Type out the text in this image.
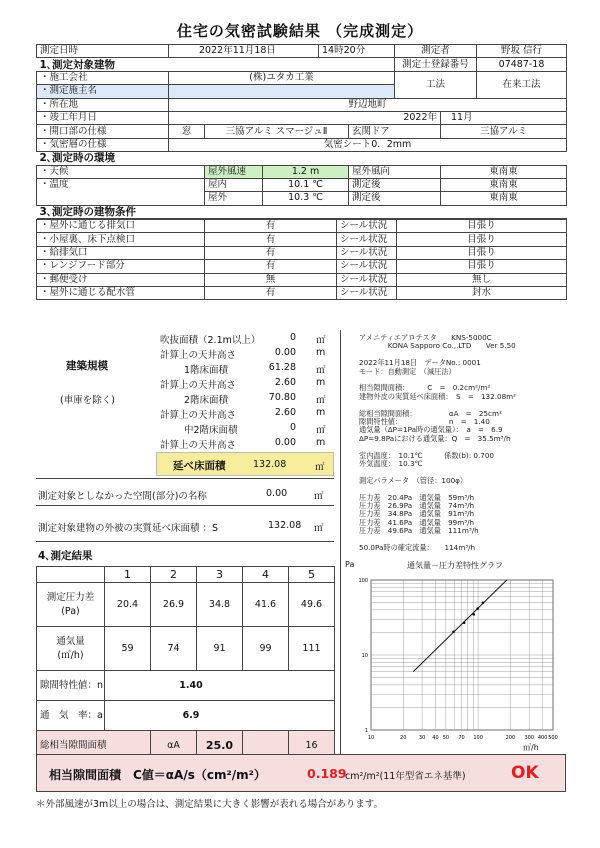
住宅の気密試験結果 （完成測定）
測定日時	2022年11月18日			14時20分		測定者		野坂 信行
1､測定対象建物						測定士登録番号		07487-18
・施工会社	(株)ユタカ工業					工法		在来工法
・測定施主名								
・所在地	野辺地町							
・竣工年月日	2022年						11月	
・開口部の仕様	窓	三協アルミ スマージュⅡ			玄関ドア		三協アルミ	
・気密層の仕様	気密シート0．2mm							
2､測定時の環境								
・天候		屋外風速	1.2 m		屋外風向		東南東	
・温度		屋内	10.1 ℃		測定後		東南東	
		屋外	10.3 ℃		測定後		東南東	
3､測定時の建物条件								
・屋外に通じる排気口	有	シール状況	目張り
・小屋裏、床下点検口	有	シール状況	目張り
・給排気口	有	シール状況	目張り
・レンジフード部分	有	シール状況	目張り
・郵便受け	無	シール状況	無し
・屋外に通じる配水管	有	シール状況	封水
建築規模
(車庫を除く)
吹抜面積（2.1m以上）	0 ㎡
計算上の天井高さ	0.00 m
1階床面積	61.28 ㎡
計算上の天井高さ	2.60 m
2階床面積	70.80 ㎡
計算上の天井高さ	2.60 m
中2階床面積	0 ㎡
計算上の天井高さ	0.00 m
延べ床面積	132.08	㎡
測定対象としなかった空間(部分)の名称	0.00	㎡
測定対象建物の外被の実質延べ床面積 ：S	132.08 ㎡
4､測定結果
	1	2	3	4	5

測定圧力差
(Pa)	20.4	26.9	34.8	41.6	49.6

通気量
(㎥/h)	59	74	91	99	111
隙間特性値：n	1.40				
通　気　率：a	6.9				
総相当隙間面積		αA	25.0		16
アメニティエアロテスタ　　KNS-5000C
　　　　KONA Sapporo Co.,.LTD　　Ver 5.50
2022年11月18日　データNo.: 0001
モード：自動測定　（減圧法）
相当隙間面積：　　　C　=　0.2cm²/m²
建物外皮の実質延べ床面積：　S　=　132.08m²
総相当隙間面積：　　　　　αA　=　25cm²
隙間特性値：　　　　　　　n　=　1.40
通気量（ΔP=1Pa時の通気量）：　a　=　6.9
ΔP=9.8Paにおける通気量：Q　=　35.5m³/h
室内温度：　10.1℃　　　係数(b): 0.700
外気温度：　10.3℃
測定パラメータ　（管径：100φ）
圧力差　20.4Pa　通気量　59m³/h
圧力差　26.9Pa　通気量　74m³/h
圧力差　34.8Pa　通気量　91m³/h
圧力差　41.6Pa　通気量　99m³/h
圧力差　49.6Pa　通気量　111m³/h
50.0Pa時の確定流量：　　114m³/h
Pa	通気量－圧力差特性グラフ
10	20 30 40 50 70 100	200 300 400 500
100
10
1
㎥/h
相当隙間面積　C値＝αA/s（cm²/m²）	0.189
cm²/m²(11年型省エネ基準)	OK
＊外部風速が3m以上の場合は、測定結果に大きく影響が表れる場合があります。
